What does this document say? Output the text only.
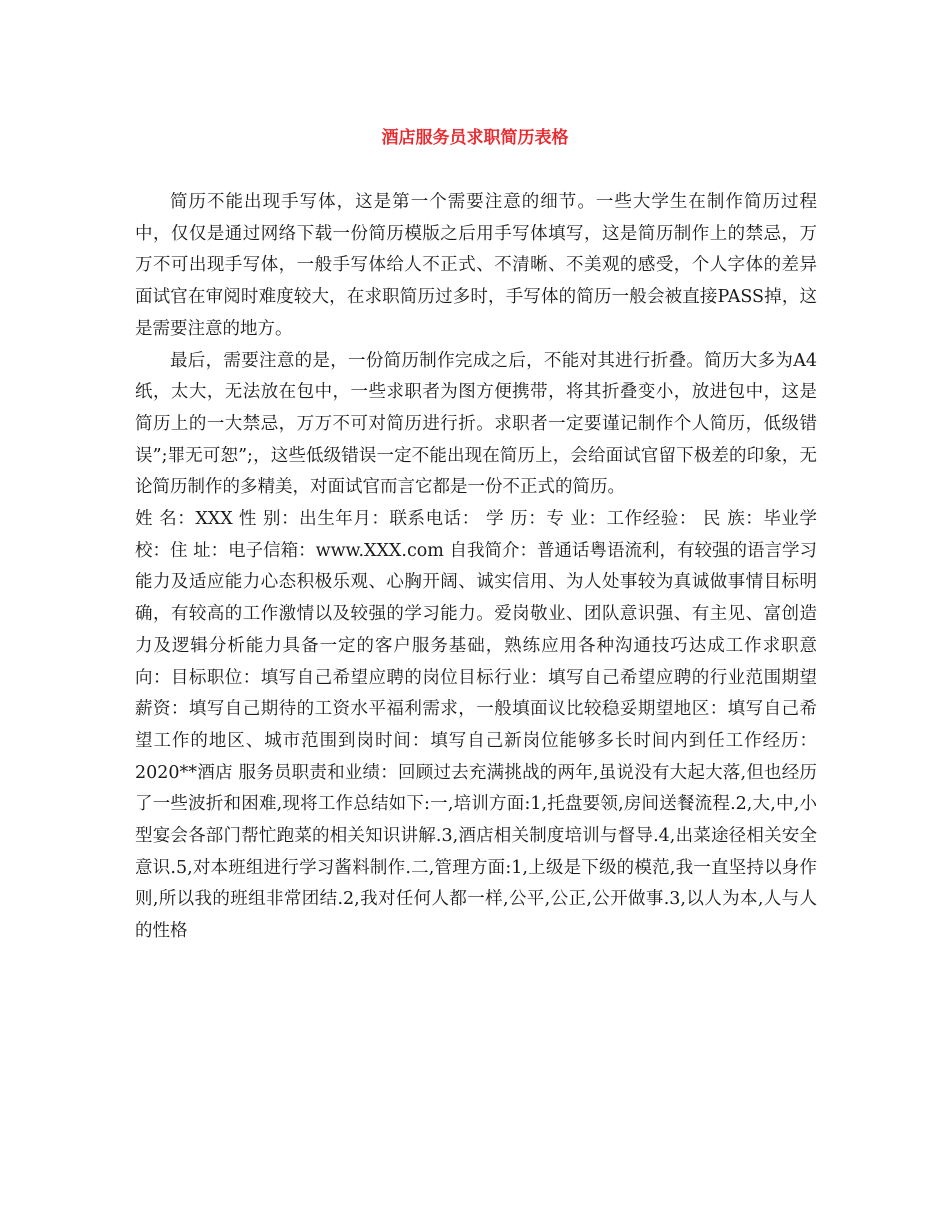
酒店服务员求职简历表格

简历不能出现手写体，这是第一个需要注意的细节。一些大学生在制作简历过程中，仅仅是通过网络下载一份简历模版之后用手写体填写，这是简历制作上的禁忌，万万不可出现手写体，一般手写体给人不正式、不清晰、不美观的感受，个人字体的差异面试官在审阅时难度较大，在求职简历过多时，手写体的简历一般会被直接PASS掉，这是需要注意的地方。

最后，需要注意的是，一份简历制作完成之后，不能对其进行折叠。简历大多为A4纸，太大，无法放在包中，一些求职者为图方便携带，将其折叠变小，放进包中，这是简历上的一大禁忌，万万不可对简历进行折。求职者一定要谨记制作个人简历，低级错误”;罪无可恕”;，这些低级错误一定不能出现在简历上，会给面试官留下极差的印象，无论简历制作的多精美，对面试官而言它都是一份不正式的简历。

姓 名：XXX 性 别：出生年月：联系电话： 学 历：专 业：工作经验： 民 族：毕业学校：住 址：电子信箱：www.XXX.com 自我简介：普通话粤语流利，有较强的语言学习能力及适应能力心态积极乐观、心胸开阔、诚实信用、为人处事较为真诚做事情目标明确，有较高的工作激情以及较强的学习能力。爱岗敬业、团队意识强、有主见、富创造力及逻辑分析能力具备一定的客户服务基础，熟练应用各种沟通技巧达成工作求职意向：目标职位：填写自己希望应聘的岗位目标行业：填写自己希望应聘的行业范围期望薪资：填写自己期待的工资水平福利需求，一般填面议比较稳妥期望地区：填写自己希望工作的地区、城市范围到岗时间：填写自己新岗位能够多长时间内到任工作经历：2020**酒店 服务员职责和业绩：回顾过去充满挑战的两年,虽说没有大起大落,但也经历了一些波折和困难,现将工作总结如下:一,培训方面:1,托盘要领,房间送餐流程.2,大,中,小型宴会各部门帮忙跑菜的相关知识讲解.3,酒店相关制度培训与督导.4,出菜途径相关安全意识.5,对本班组进行学习酱料制作.二,管理方面:1,上级是下级的模范,我一直坚持以身作则,所以我的班组非常团结.2,我对任何人都一样,公平,公正,公开做事.3,以人为本,人与人的性格
